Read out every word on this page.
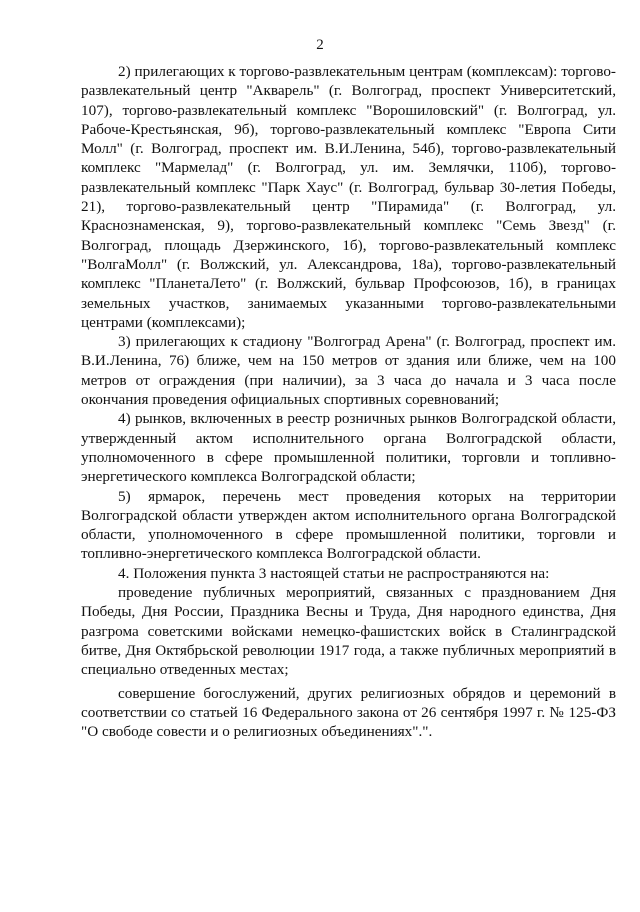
2

2) прилегающих к торгово-развлекательным центрам (комплексам): торгово-развлекательный центр "Акварель" (г. Волгоград, проспект Университетский, 107), торгово-развлекательный комплекс "Ворошиловский" (г. Волгоград, ул. Рабоче-Крестьянская, 9б), торгово-развлекательный комплекс "Европа Сити Молл" (г. Волгоград, проспект им. В.И.Ленина, 54б), торгово-развлекательный комплекс "Мармелад" (г. Волгоград, ул. им. Землячки, 110б), торгово-развлекательный комплекс "Парк Хаус" (г. Волгоград, бульвар 30-летия Победы, 21), торгово-развлекательный центр "Пирамида" (г. Волгоград, ул. Краснознаменская, 9), торгово-развлекательный комплекс "Семь Звезд" (г. Волгоград, площадь Дзержинского, 1б), торгово-развлекательный комплекс "ВолгаМолл" (г. Волжский, ул. Александрова, 18а), торгово-развлекательный комплекс "ПланетаЛето" (г. Волжский, бульвар Профсоюзов, 1б), в границах земельных участков, занимаемых указанными торгово-развлекательными центрами (комплексами);

3) прилегающих к стадиону "Волгоград Арена" (г. Волгоград, проспект им. В.И.Ленина, 76) ближе, чем на 150 метров от здания или ближе, чем на 100 метров от ограждения (при наличии), за 3 часа до начала и 3 часа после окончания проведения официальных спортивных соревнований;

4) рынков, включенных в реестр розничных рынков Волгоградской области, утвержденный актом исполнительного органа Волгоградской области, уполномоченного в сфере промышленной политики, торговли и топливно-энергетического комплекса Волгоградской области;

5) ярмарок, перечень мест проведения которых на территории Волгоградской области утвержден актом исполнительного органа Волгоградской области, уполномоченного в сфере промышленной политики, торговли и топливно-энергетического комплекса Волгоградской области.

4. Положения пункта 3 настоящей статьи не распространяются на:

проведение публичных мероприятий, связанных с празднованием Дня Победы, Дня России, Праздника Весны и Труда, Дня народного единства, Дня разгрома советскими войсками немецко-фашистских войск в Сталинградской битве, Дня Октябрьской революции 1917 года, а также публичных мероприятий в специально отведенных местах;

совершение богослужений, других религиозных обрядов и церемоний в соответствии со статьей 16 Федерального закона от 26 сентября 1997 г. № 125-ФЗ "О свободе совести и о религиозных объединениях".".
